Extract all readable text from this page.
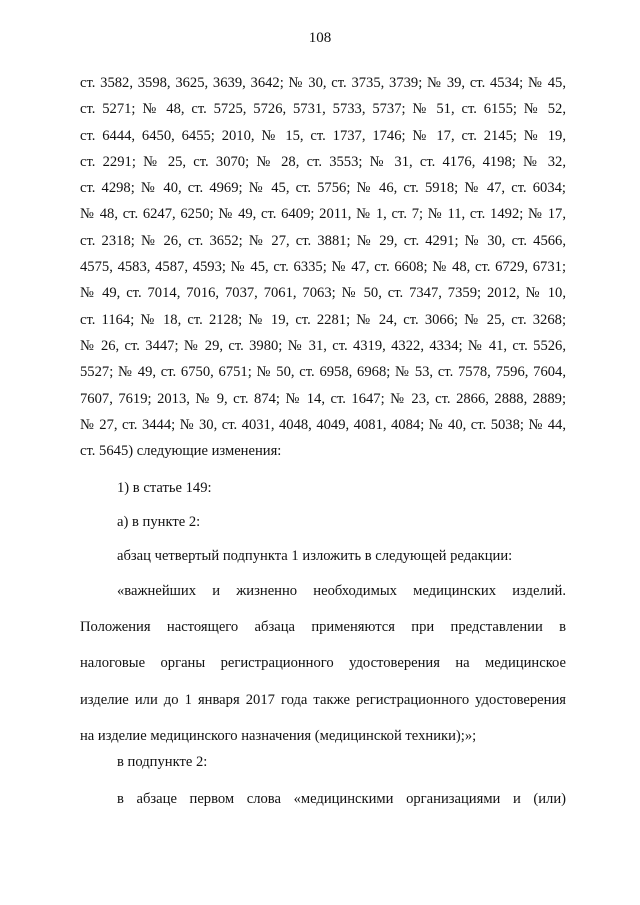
108
ст. 3582, 3598, 3625, 3639, 3642; № 30, ст. 3735, 3739; № 39, ст. 4534; № 45,
ст. 5271; № 48, ст. 5725, 5726, 5731, 5733, 5737; № 51, ст. 6155; № 52,
ст. 6444, 6450, 6455; 2010, № 15, ст. 1737, 1746; № 17, ст. 2145; № 19,
ст. 2291; № 25, ст. 3070; № 28, ст. 3553; № 31, ст. 4176, 4198; № 32,
ст. 4298; № 40, ст. 4969; № 45, ст. 5756; № 46, ст. 5918; № 47, ст. 6034;
№ 48, ст. 6247, 6250; № 49, ст. 6409; 2011, № 1, ст. 7; № 11, ст. 1492; № 17,
ст. 2318; № 26, ст. 3652; № 27, ст. 3881; № 29, ст. 4291; № 30, ст. 4566,
4575, 4583, 4587, 4593; № 45, ст. 6335; № 47, ст. 6608; № 48, ст. 6729, 6731;
№ 49, ст. 7014, 7016, 7037, 7061, 7063; № 50, ст. 7347, 7359; 2012, № 10,
ст. 1164; № 18, ст. 2128; № 19, ст. 2281; № 24, ст. 3066; № 25, ст. 3268;
№ 26, ст. 3447; № 29, ст. 3980; № 31, ст. 4319, 4322, 4334; № 41, ст. 5526,
5527; № 49, ст. 6750, 6751; № 50, ст. 6958, 6968; № 53, ст. 7578, 7596, 7604,
7607, 7619; 2013, № 9, ст. 874; № 14, ст. 1647; № 23, ст. 2866, 2888, 2889;
№ 27, ст. 3444; № 30, ст. 4031, 4048, 4049, 4081, 4084; № 40, ст. 5038; № 44,
ст. 5645) следующие изменения:
1) в статье 149:
а) в пункте 2:
абзац четвертый подпункта 1 изложить в следующей редакции:
«важнейших и жизненно необходимых медицинских изделий.
Положения настоящего абзаца применяются при представлении в
налоговые органы регистрационного удостоверения на медицинское
изделие или до 1 января 2017 года также регистрационного удостоверения
на изделие медицинского назначения (медицинской техники);»;
в подпункте 2:
в абзаце первом слова «медицинскими организациями и (или)
